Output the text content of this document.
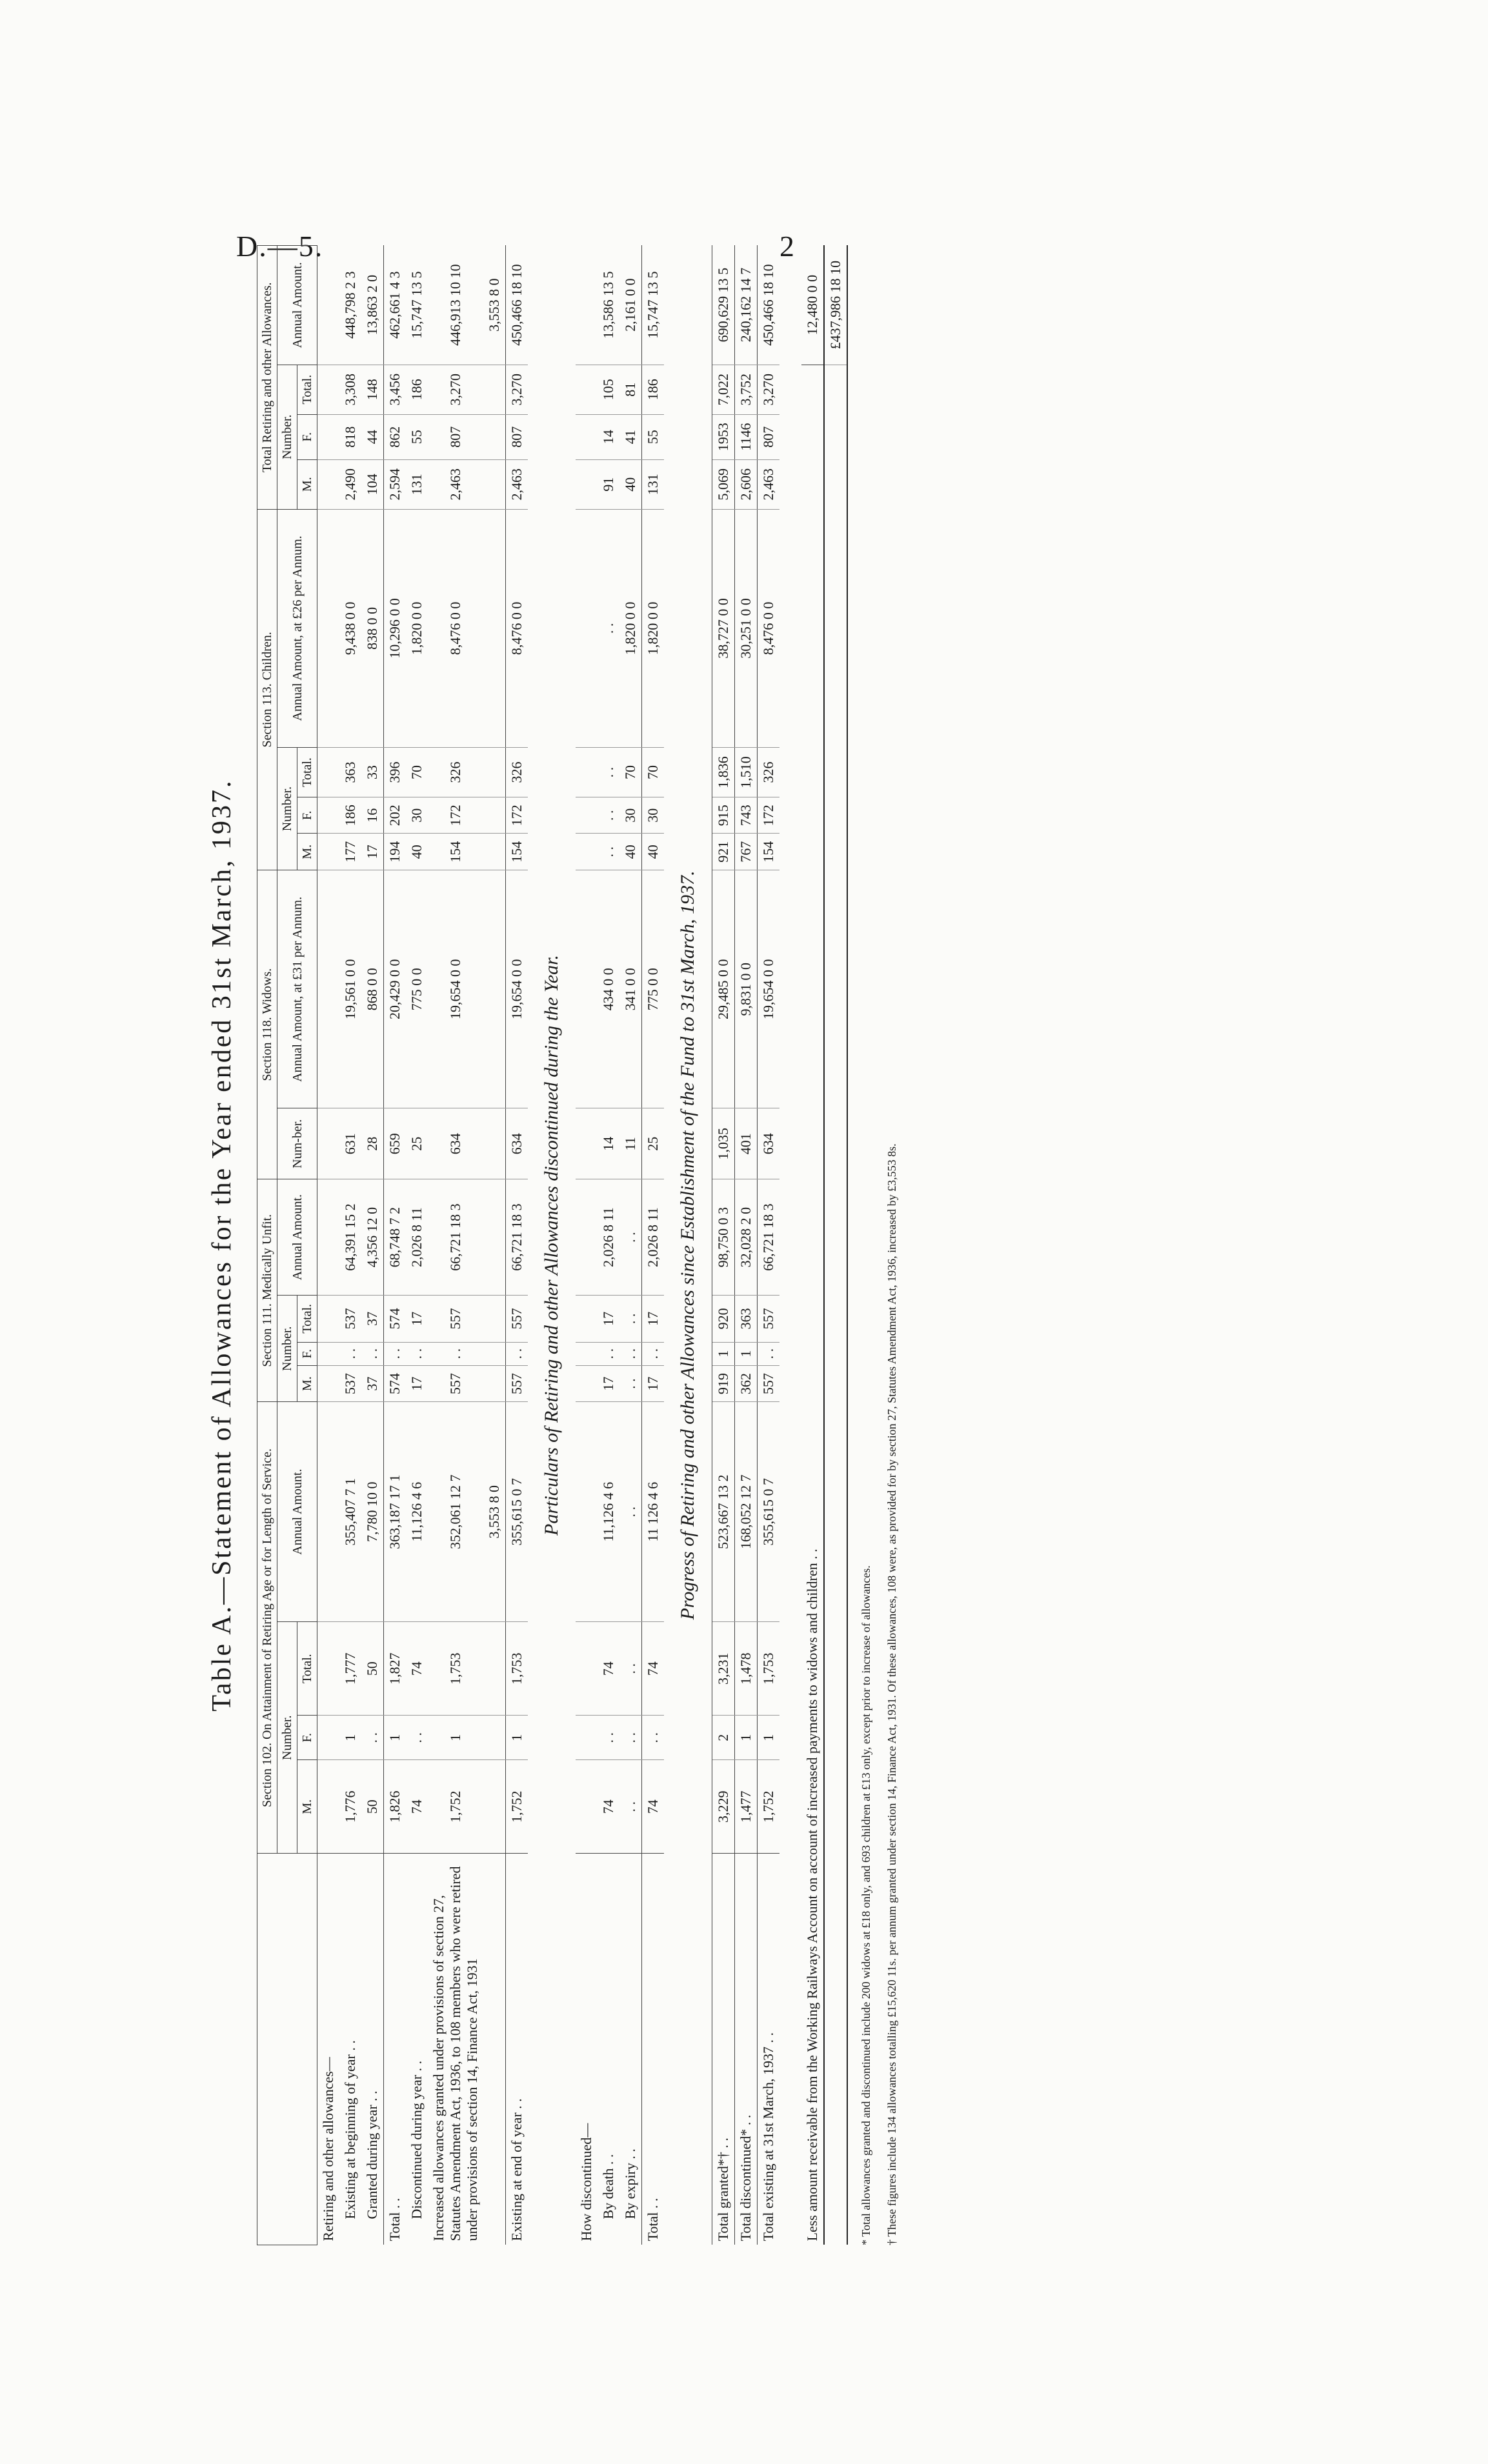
D.—5.	2
Table A.—Statement of Allowances for the Year ended 31st March, 1937.
	Section 102. On Attainment of Retiring Age or for Length of Service.				Section 111. Medically Unfit.				Section 118. Widows.		Section 113. Children.				Total Retiring and other Allowances.			
	Number.			Annual Amount.	Number.			Annual Amount.	Num-ber.	Annual Amount, at £31 per Annum.	Number.			Annual Amount, at £26 per Annum.	Number.			Annual Amount.
	M.	F.	Total.		M.	F.	Total.				M.	F.	Total.		M.	F.	Total.	
Retiring and other allowances—																		
Existing at beginning of year . .	1,776	1	1,777	355,407 7 1	537	. .	537	64,391 15 2	631	19,561 0 0	177	186	363	9,438 0 0	2,490	818	3,308	448,798 2 3
Granted during year . .	50	. .	50	7,780 10 0	37	. .	37	4,356 12 0	28	868 0 0	17	16	33	838 0 0	104	44	148	13,863 2 0
Total . .	1,826	1	1,827	363,187 17 1	574	. .	574	68,748 7 2	659	20,429 0 0	194	202	396	10,296 0 0	2,594	862	3,456	462,661 4 3
Discontinued during year . .	74	. .	74	11,126 4 6	17	. .	17	2,026 8 11	25	775 0 0	40	30	70	1,820 0 0	131	55	186	15,747 13 5
Increased allowances granted under provisions of section 27, Statutes Amendment Act, 1936, to 108 members who were retired under provisions of section 14, Finance Act, 1931	1,752	1	1,753	352,061 12 7	557	. .	557	66,721 18 3	634	19,654 0 0	154	172	326	8,476 0 0	2,463	807	3,270	446,913 10 10
				3,553 8 0														3,553 8 0
Existing at end of year . .	1,752	1	1,753	355,615 0 7	557	. .	557	66,721 18 3	634	19,654 0 0	154	172	326	8,476 0 0	2,463	807	3,270	450,466 18 10
Particulars of Retiring and other Allowances discontinued during the Year.																		
How discontinued—																		
By death . .	74	. .	74	11,126 4 6	17	. .	17	2,026 8 11	14	434 0 0	. .	. .	. .	. .	91	14	105	13,586 13 5
By expiry . .	. .	. .	. .	. .	. .	. .	. .	. .	11	341 0 0	40	30	70	1,820 0 0	40	41	81	2,161 0 0
Total . .	74	. .	74	11 126 4 6	17	. .	17	2,026 8 11	25	775 0 0	40	30	70	1,820 0 0	131	55	186	15,747 13 5
Progress of Retiring and other Allowances since Establishment of the Fund to 31st March, 1937.																		
Total granted*† . .	3,229	2	3,231	523,667 13 2	919	1	920	98,750 0 3	1,035	29,485 0 0	921	915	1,836	38,727 0 0	5,069	1953	7,022	690,629 13 5
Total discontinued* . .	1,477	1	1,478	168,052 12 7	362	1	363	32,028 2 0	401	9,831 0 0	767	743	1,510	30,251 0 0	2,606	1146	3,752	240,162 14 7
Total existing at 31st March, 1937 . .	1,752	1	1,753	355,615 0 7	557	. .	557	66,721 18 3	634	19,654 0 0	154	172	326	8,476 0 0	2,463	807	3,270	450,466 18 10

Less amount receivable from the Working Railways Account on account of increased payments to widows and children . .																		12,480 0 0
																		£437,986 18 10
* Total allowances granted and discontinued include 200 widows at £18 only, and 693 children at £13 only, except prior to increase of allowances. † These figures include 134 allowances totalling £15,620 11s. per annum granted under section 14, Finance Act, 1931. Of these allowances, 108 were, as provided for by section 27, Statutes Amendment Act, 1936, increased by £3,553 8s.
